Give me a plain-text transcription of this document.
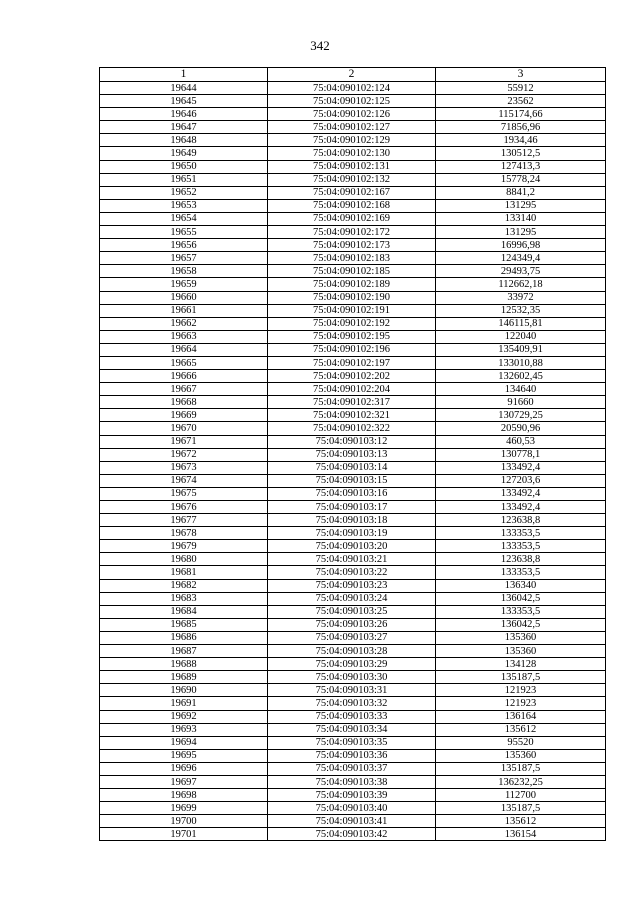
342
1	2	3
19644	75:04:090102:124	55912
19645	75:04:090102:125	23562
19646	75:04:090102:126	115174,66
19647	75:04:090102:127	71856,96
19648	75:04:090102:129	1934,46
19649	75:04:090102:130	130512,5
19650	75:04:090102:131	127413,3
19651	75:04:090102:132	15778,24
19652	75:04:090102:167	8841,2
19653	75:04:090102:168	131295
19654	75:04:090102:169	133140
19655	75:04:090102:172	131295
19656	75:04:090102:173	16996,98
19657	75:04:090102:183	124349,4
19658	75:04:090102:185	29493,75
19659	75:04:090102:189	112662,18
19660	75:04:090102:190	33972
19661	75:04:090102:191	12532,35
19662	75:04:090102:192	146115,81
19663	75:04:090102:195	122040
19664	75:04:090102:196	135409,91
19665	75:04:090102:197	133010,88
19666	75:04:090102:202	132602,45
19667	75:04:090102:204	134640
19668	75:04:090102:317	91660
19669	75:04:090102:321	130729,25
19670	75:04:090102:322	20590,96
19671	75:04:090103:12	460,53
19672	75:04:090103:13	130778,1
19673	75:04:090103:14	133492,4
19674	75:04:090103:15	127203,6
19675	75:04:090103:16	133492,4
19676	75:04:090103:17	133492,4
19677	75:04:090103:18	123638,8
19678	75:04:090103:19	133353,5
19679	75:04:090103:20	133353,5
19680	75:04:090103:21	123638,8
19681	75:04:090103:22	133353,5
19682	75:04:090103:23	136340
19683	75:04:090103:24	136042,5
19684	75:04:090103:25	133353,5
19685	75:04:090103:26	136042,5
19686	75:04:090103:27	135360
19687	75:04:090103:28	135360
19688	75:04:090103:29	134128
19689	75:04:090103:30	135187,5
19690	75:04:090103:31	121923
19691	75:04:090103:32	121923
19692	75:04:090103:33	136164
19693	75:04:090103:34	135612
19694	75:04:090103:35	95520
19695	75:04:090103:36	135360
19696	75:04:090103:37	135187,5
19697	75:04:090103:38	136232,25
19698	75:04:090103:39	112700
19699	75:04:090103:40	135187,5
19700	75:04:090103:41	135612
19701	75:04:090103:42	136154
